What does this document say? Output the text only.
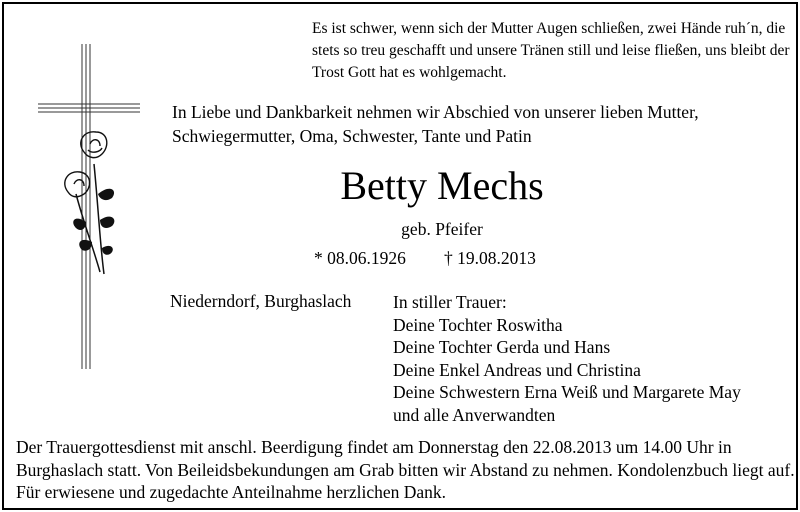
Es ist schwer, wenn sich der Mutter Augen schließen, zwei Hände ruh´n, die stets so treu geschafft und unsere Tränen still und leise fließen, uns bleibt der Trost Gott hat es wohlgemacht.

In Liebe und Dankbarkeit nehmen wir Abschied von unserer lieben Mutter, Schwiegermutter, Oma, Schwester, Tante und Patin

Betty Mechs
geb. Pfeifer
* 08.06.1926 † 19.08.2013
Niederndorf, Burghaslach In stiller Trauer:
Deine Tochter Roswitha
Deine Tochter Gerda und Hans
Deine Enkel Andreas und Christina
Deine Schwestern Erna Weiß und Margarete May
und alle Anverwandten

Der Trauergottesdienst mit anschl. Beerdigung findet am Donnerstag den 22.08.2013 um 14.00 Uhr in Burghaslach statt. Von Beileidsbekundungen am Grab bitten wir Abstand zu nehmen. Kondolenzbuch liegt auf. Für erwiesene und zugedachte Anteilnahme herzlichen Dank.
